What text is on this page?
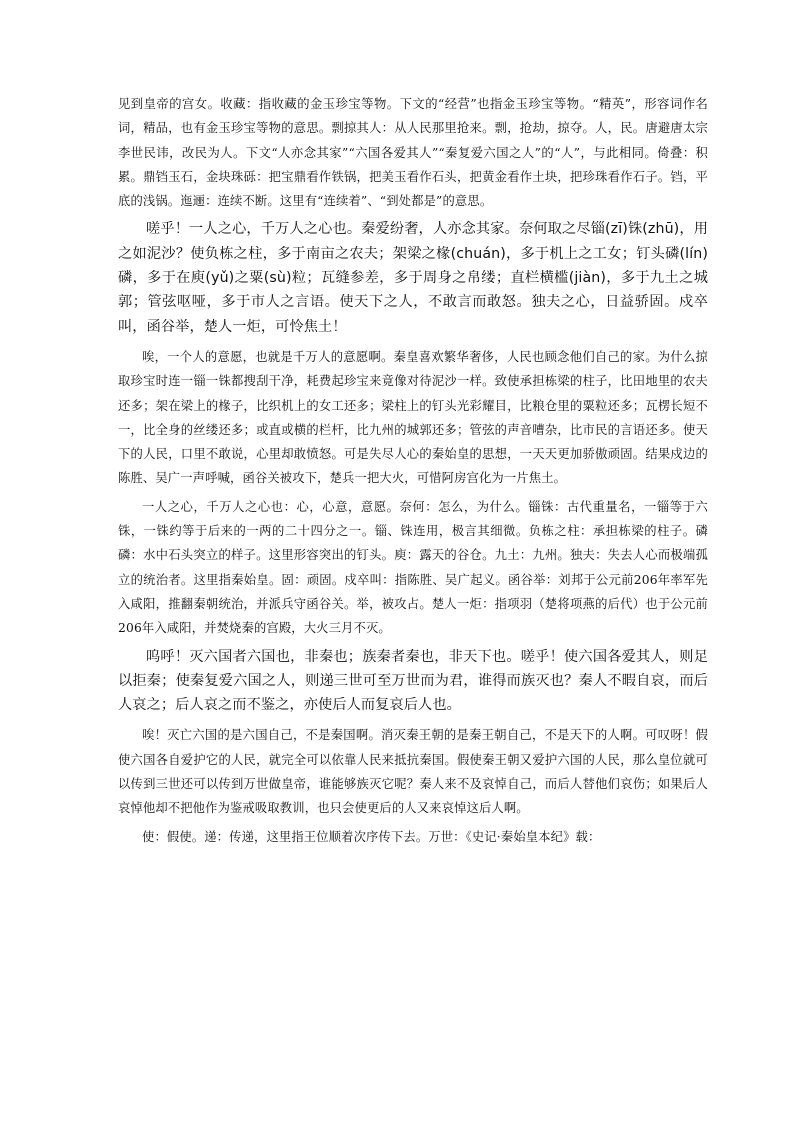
见到皇帝的宫女。收藏：指收藏的金玉珍宝等物。下文的“经营”也指金玉珍宝等物。“精英”，形容词作名词，精品，也有金玉珍宝等物的意思。剽掠其人：从人民那里抢来。剽，抢劫，掠夺。人，民。唐避唐太宗李世民讳，改民为人。下文“人亦念其家”“六国各爱其人”“秦复爱六国之人”的“人”，与此相同。倚叠：积累。鼎铛玉石，金块珠砾：把宝鼎看作铁锅，把美玉看作石头，把黄金看作土块，把珍珠看作石子。铛，平底的浅锅。迤逦：连续不断。这里有“连续着”、“到处都是”的意思。

嗟乎！一人之心，千万人之心也。秦爱纷奢，人亦念其家。奈何取之尽锱(zī)铢(zhū)，用之如泥沙？使负栋之柱，多于南亩之农夫；架梁之椽(chuán)，多于机上之工女；钉头磷(lín)磷，多于在庾(yǔ)之粟(sù)粒；瓦缝参差，多于周身之帛缕；直栏横槛(jiàn)，多于九土之城郭；管弦呕哑，多于市人之言语。使天下之人，不敢言而敢怒。独夫之心，日益骄固。戍卒叫，函谷举，楚人一炬，可怜焦土！

唉，一个人的意愿，也就是千万人的意愿啊。秦皇喜欢繁华奢侈，人民也顾念他们自己的家。为什么掠取珍宝时连一锱一铢都搜刮干净，耗费起珍宝来竟像对待泥沙一样。致使承担栋梁的柱子，比田地里的农夫还多；架在梁上的椽子，比织机上的女工还多；梁柱上的钉头光彩耀目，比粮仓里的粟粒还多；瓦楞长短不一，比全身的丝缕还多；或直或横的栏杆，比九州的城郭还多；管弦的声音嘈杂，比市民的言语还多。使天下的人民，口里不敢说，心里却敢愤怒。可是失尽人心的秦始皇的思想，一天天更加骄傲顽固。结果戍边的陈胜、吴广一声呼喊，函谷关被攻下，楚兵一把大火，可惜阿房宫化为一片焦土。

一人之心，千万人之心也：心，心意，意愿。奈何：怎么，为什么。锱铢：古代重量名，一锱等于六铢，一铢约等于后来的一两的二十四分之一。锱、铢连用，极言其细微。负栋之柱：承担栋梁的柱子。磷磷：水中石头突立的样子。这里形容突出的钉头。庾：露天的谷仓。九土：九州。独夫：失去人心而极端孤立的统治者。这里指秦始皇。固：顽固。戍卒叫：指陈胜、吴广起义。函谷举：刘邦于公元前206年率军先入咸阳，推翻秦朝统治，并派兵守函谷关。举，被攻占。楚人一炬：指项羽（楚将项燕的后代）也于公元前206年入咸阳，并焚烧秦的宫殿，大火三月不灭。

呜呼！灭六国者六国也，非秦也；族秦者秦也，非天下也。嗟乎！使六国各爱其人，则足以拒秦；使秦复爱六国之人，则递三世可至万世而为君，谁得而族灭也？秦人不暇自哀，而后人哀之；后人哀之而不鉴之，亦使后人而复哀后人也。

唉！灭亡六国的是六国自己，不是秦国啊。消灭秦王朝的是秦王朝自己，不是天下的人啊。可叹呀！假使六国各自爱护它的人民，就完全可以依靠人民来抵抗秦国。假使秦王朝又爱护六国的人民，那么皇位就可以传到三世还可以传到万世做皇帝，谁能够族灭它呢？秦人来不及哀悼自己，而后人替他们哀伤；如果后人哀悼他却不把他作为鉴戒吸取教训，也只会使更后的人又来哀悼这后人啊。

使：假使。递：传递，这里指王位顺着次序传下去。万世：《史记·秦始皇本纪》载：
